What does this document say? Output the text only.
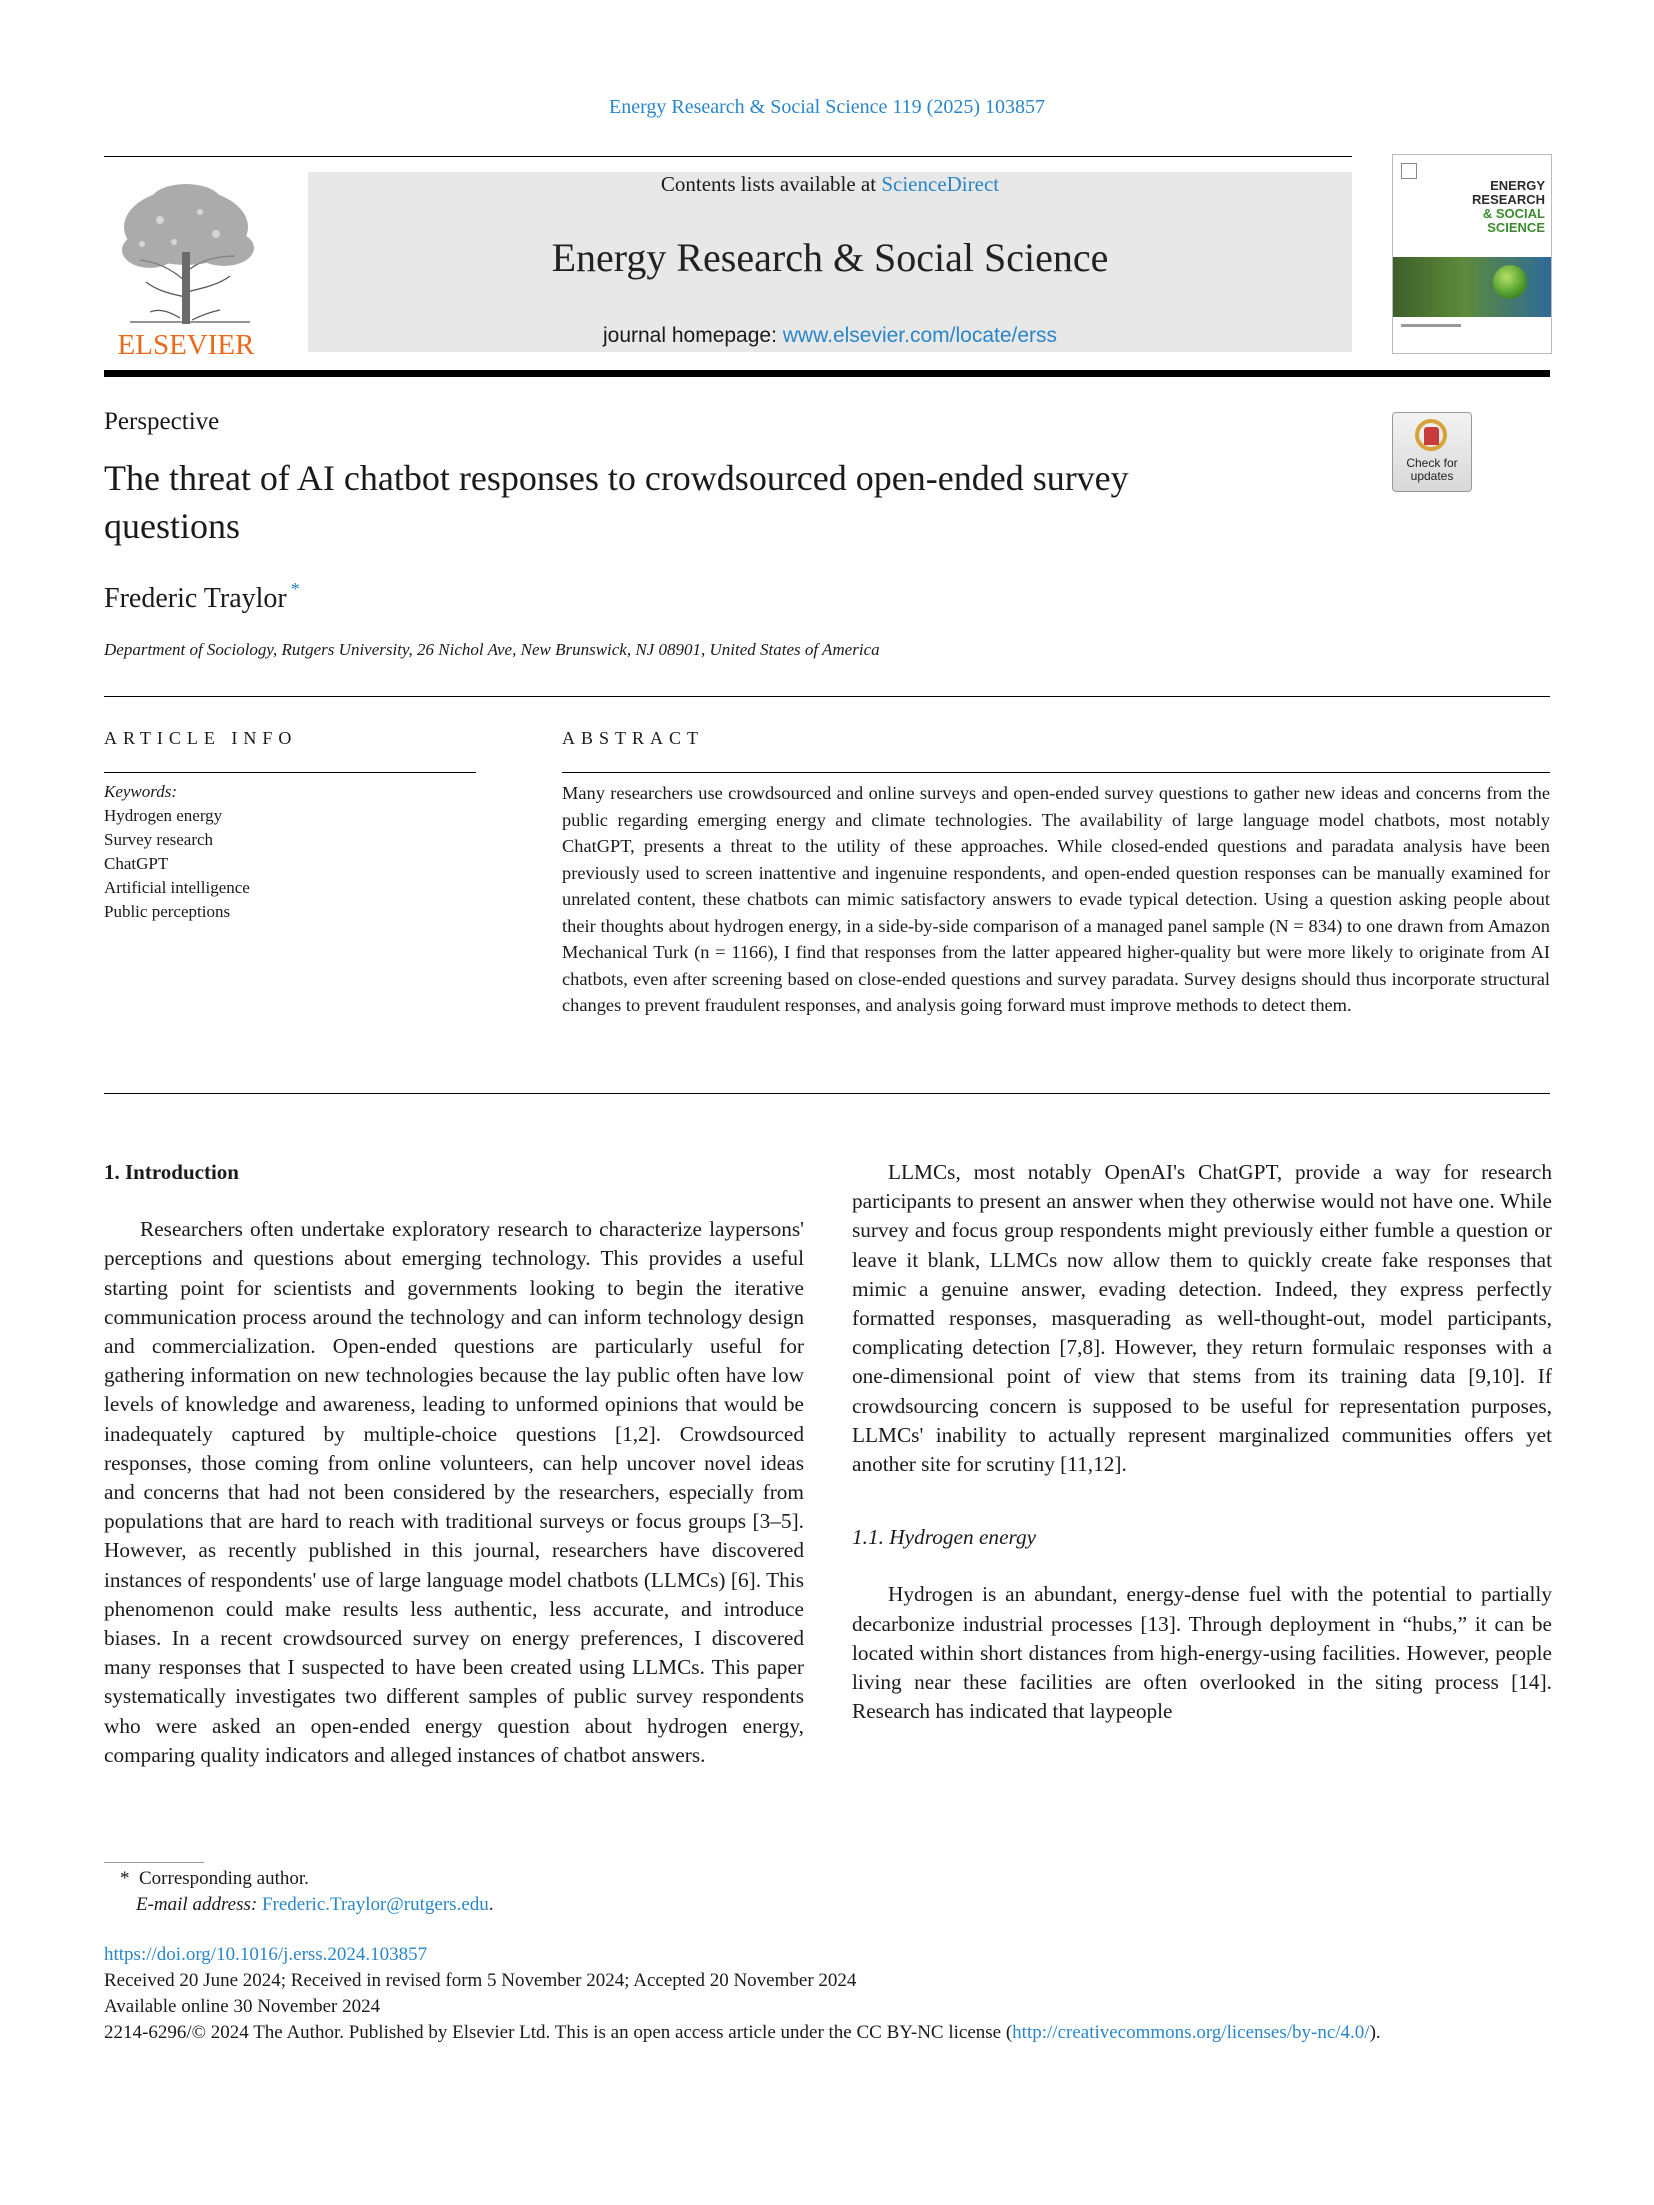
Energy Research & Social Science 119 (2025) 103857
ELSEVIER
Contents lists available at ScienceDirect
Energy Research & Social Science
journal homepage: www.elsevier.com/locate/erss
ENERGY
RESEARCH
& SOCIAL
SCIENCE
Perspective
The threat of AI chatbot responses to crowdsourced open-ended survey questions
Check for updates
Frederic Traylor *
Department of Sociology, Rutgers University, 26 Nichol Ave, New Brunswick, NJ 08901, United States of America
ARTICLE INFO	ABSTRACT
Keywords:
Hydrogen energy
Survey research
ChatGPT
Artificial intelligence
Public perceptions
Many researchers use crowdsourced and online surveys and open-ended survey questions to gather new ideas and concerns from the public regarding emerging energy and climate technologies. The availability of large language model chatbots, most notably ChatGPT, presents a threat to the utility of these approaches. While closed-ended questions and paradata analysis have been previously used to screen inattentive and ingenuine respondents, and open-ended question responses can be manually examined for unrelated content, these chatbots can mimic satisfactory answers to evade typical detection. Using a question asking people about their thoughts about hydrogen energy, in a side-by-side comparison of a managed panel sample (N = 834) to one drawn from Amazon Mechanical Turk (n = 1166), I find that responses from the latter appeared higher-quality but were more likely to originate from AI chatbots, even after screening based on close-ended questions and survey paradata. Survey designs should thus incorporate structural changes to prevent fraudulent responses, and analysis going forward must improve methods to detect them.
1. Introduction

Researchers often undertake exploratory research to characterize laypersons' perceptions and questions about emerging technology. This provides a useful starting point for scientists and governments looking to begin the iterative communication process around the technology and can inform technology design and commercialization. Open-ended questions are particularly useful for gathering information on new technologies because the lay public often have low levels of knowledge and awareness, leading to unformed opinions that would be inadequately captured by multiple-choice questions [1,2]. Crowdsourced responses, those coming from online volunteers, can help uncover novel ideas and concerns that had not been considered by the researchers, especially from populations that are hard to reach with traditional surveys or focus groups [3–5]. However, as recently published in this journal, researchers have discovered instances of respondents' use of large language model chatbots (LLMCs) [6]. This phenomenon could make results less authentic, less accurate, and introduce biases. In a recent crowdsourced survey on energy preferences, I discovered many responses that I suspected to have been created using LLMCs. This paper systematically investigates two different samples of public survey respondents who were asked an open-ended energy question about hydrogen energy, comparing quality indicators and alleged instances of chatbot answers.

LLMCs, most notably OpenAI's ChatGPT, provide a way for research participants to present an answer when they otherwise would not have one. While survey and focus group respondents might previously either fumble a question or leave it blank, LLMCs now allow them to quickly create fake responses that mimic a genuine answer, evading detection. Indeed, they express perfectly formatted responses, masquerading as well-thought-out, model participants, complicating detection [7,8]. However, they return formulaic responses with a one-dimensional point of view that stems from its training data [9,10]. If crowdsourcing concern is supposed to be useful for representation purposes, LLMCs' inability to actually represent marginalized communities offers yet another site for scrutiny [11,12].

1.1. Hydrogen energy

Hydrogen is an abundant, energy-dense fuel with the potential to partially decarbonize industrial processes [13]. Through deployment in “hubs,” it can be located within short distances from high-energy-using facilities. However, people living near these facilities are often overlooked in the siting process [14]. Research has indicated that laypeople

* Corresponding author.
E-mail address: Frederic.Traylor@rutgers.edu.
https://doi.org/10.1016/j.erss.2024.103857
Received 20 June 2024; Received in revised form 5 November 2024; Accepted 20 November 2024
Available online 30 November 2024
2214-6296/© 2024 The Author. Published by Elsevier Ltd. This is an open access article under the CC BY-NC license (http://creativecommons.org/licenses/by-nc/4.0/).
